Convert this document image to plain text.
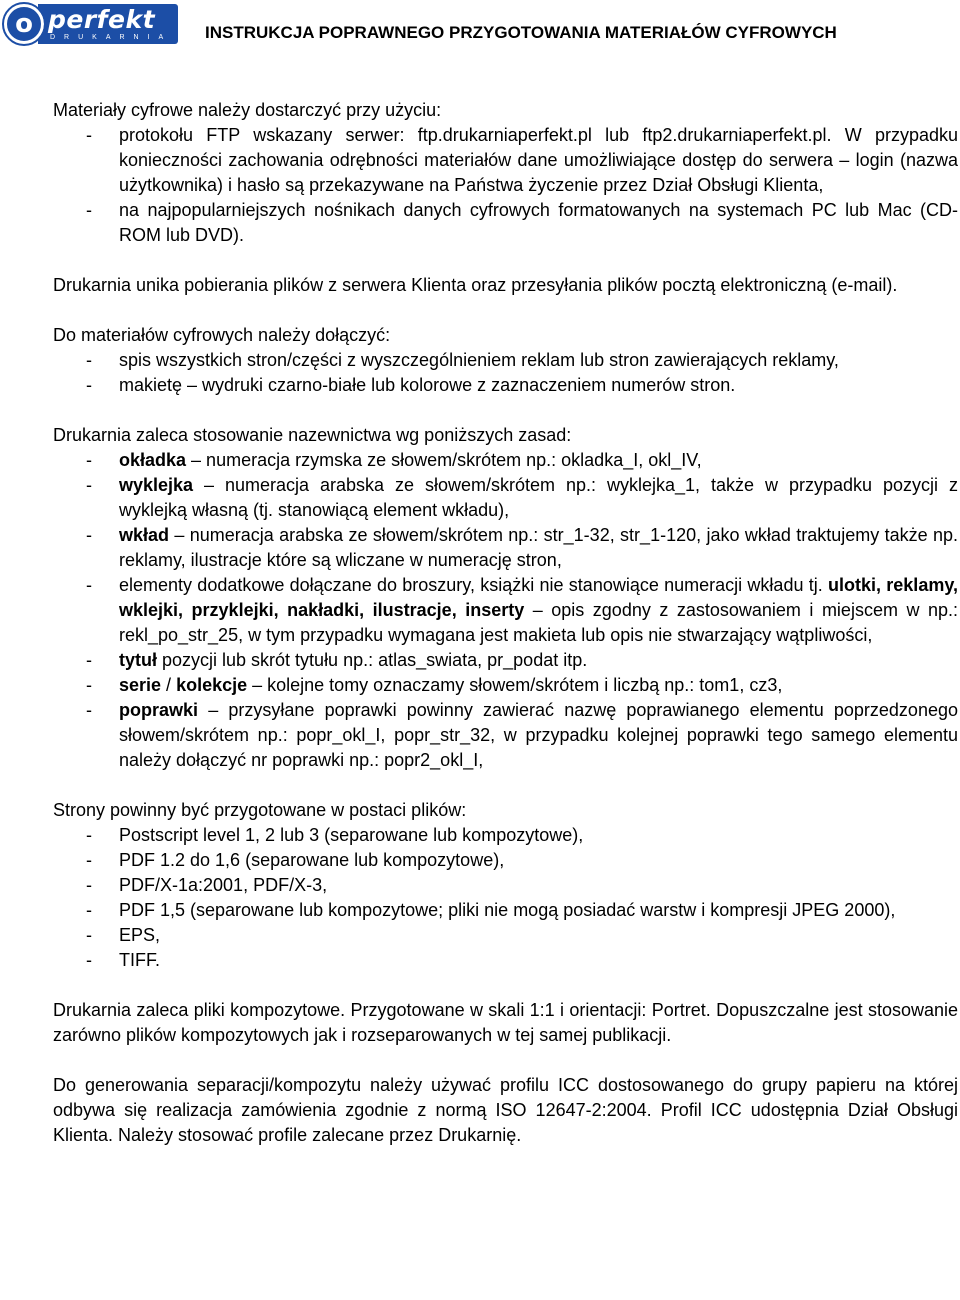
o perfekt
DRUKARNIA	INSTRUKCJA POPRAWNEGO PRZYGOTOWANIA MATERIAŁÓW CYFROWYCH

Materiały cyfrowe należy dostarczyć przy użyciu:

- protokołu FTP wskazany serwer: ftp.drukarniaperfekt.pl lub ftp2.drukarniaperfekt.pl. W przypadku konieczności zachowania odrębności materiałów dane umożliwiające dostęp do serwera – login (nazwa użytkownika) i hasło są przekazywane na Państwa życzenie przez Dział Obsługi Klienta,
- na najpopularniejszych nośnikach danych cyfrowych formatowanych na systemach PC lub Mac (CD-ROM lub DVD).

Drukarnia unika pobierania plików z serwera Klienta oraz przesyłania plików pocztą elektroniczną (e-mail).

Do materiałów cyfrowych należy dołączyć:

- spis wszystkich stron/części z wyszczególnieniem reklam lub stron zawierających reklamy,
- makietę – wydruki czarno-białe lub kolorowe z zaznaczeniem numerów stron.

Drukarnia zaleca stosowanie nazewnictwa wg poniższych zasad:

- okładka – numeracja rzymska ze słowem/skrótem np.: okladka_I, okl_IV,
- wyklejka – numeracja arabska ze słowem/skrótem np.: wyklejka_1, także w przypadku pozycji z wyklejką własną (tj. stanowiącą element wkładu),
- wkład – numeracja arabska ze słowem/skrótem np.: str_1-32, str_1-120, jako wkład traktujemy także np. reklamy, ilustracje które są wliczane w numerację stron,
- elementy dodatkowe dołączane do broszury, książki nie stanowiące numeracji wkładu tj. ulotki, reklamy, wklejki, przyklejki, nakładki, ilustracje, inserty – opis zgodny z zastosowaniem i miejscem w np.: rekl_po_str_25, w tym przypadku wymagana jest makieta lub opis nie stwarzający wątpliwości,
- tytuł pozycji lub skrót tytułu np.: atlas_swiata, pr_podat itp.
- serie / kolekcje – kolejne tomy oznaczamy słowem/skrótem i liczbą np.: tom1, cz3,
- poprawki – przysyłane poprawki powinny zawierać nazwę poprawianego elementu poprzedzonego słowem/skrótem np.: popr_okl_I, popr_str_32, w przypadku kolejnej poprawki tego samego elementu należy dołączyć nr poprawki np.: popr2_okl_I,

Strony powinny być przygotowane w postaci plików:

- Postscript level 1, 2 lub 3 (separowane lub kompozytowe),
- PDF 1.2 do 1,6 (separowane lub kompozytowe),
- PDF/X-1a:2001, PDF/X-3,
- PDF 1,5 (separowane lub kompozytowe; pliki nie mogą posiadać warstw i kompresji JPEG 2000),
- EPS,
- TIFF.

Drukarnia zaleca pliki kompozytowe. Przygotowane w skali 1:1 i orientacji: Portret. Dopuszczalne jest stosowanie zarówno plików kompozytowych jak i rozseparowanych w tej samej publikacji.

Do generowania separacji/kompozytu należy używać profilu ICC dostosowanego do grupy papieru na której odbywa się realizacja zamówienia zgodnie z normą ISO 12647-2:2004. Profil ICC udostępnia Dział Obsługi Klienta. Należy stosować profile zalecane przez Drukarnię.
